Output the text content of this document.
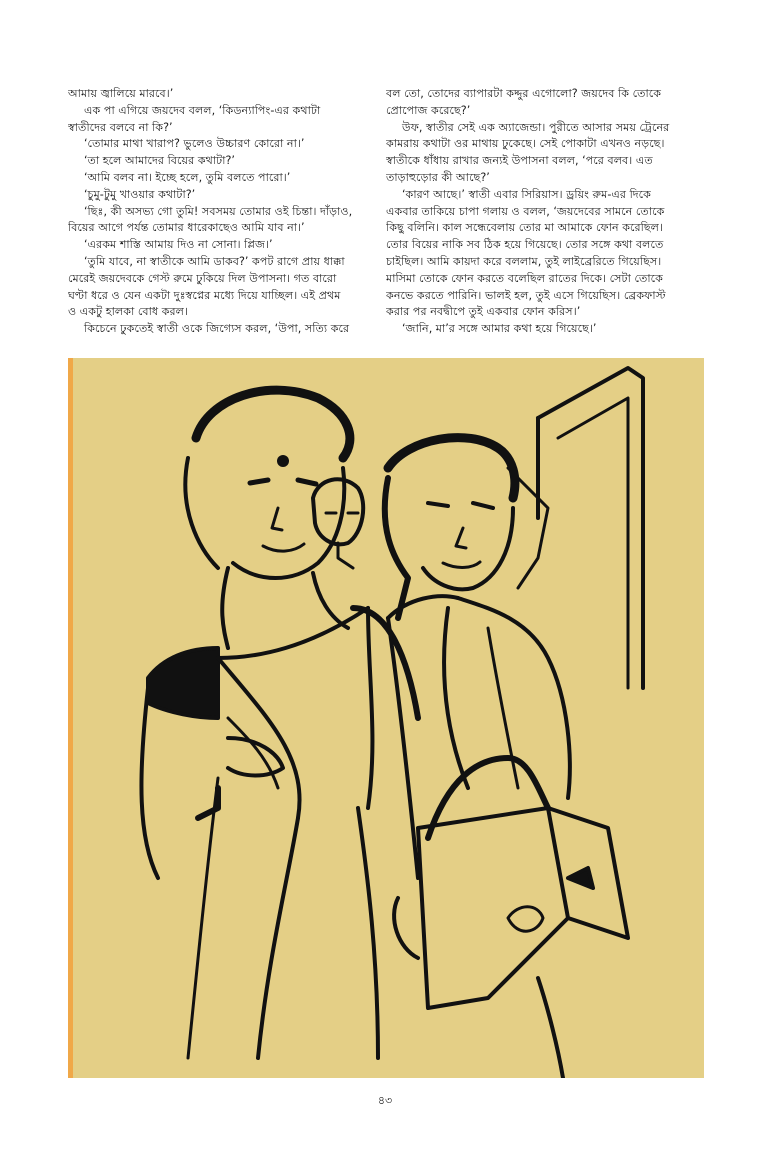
আমায় জ্বালিয়ে মারবে।’

এক পা এগিয়ে জয়দেব বলল, ‘কিডন্যাপিং-এর কথাটা

স্বাতীদের বলবে না কি?’

‘তোমার মাথা খারাপ? ভুলেও উচ্চারণ কোরো না।’

‘তা হলে আমাদের বিয়ের কথাটা?’

‘আমি বলব না। ইচ্ছে হলে, তুমি বলতে পারো।’

‘চুমু-টুমু খাওয়ার কথাটা?’

‘ছিঃ, কী অসভ্য গো তুমি! সবসময় তোমার ওই চিন্তা। দাঁড়াও,

বিয়ের আগে পর্যন্ত তোমার ধারেকাছেও আমি যাব না।’

‘এরকম শাস্তি আমায় দিও না সোনা। প্লিজ।’

‘তুমি যাবে, না স্বাতীকে আমি ডাকব?’ কপট রাগে প্রায় ধাক্কা

মেরেই জয়দেবকে গেস্ট রুমে ঢুকিয়ে দিল উপাসনা। গত বারো

ঘণ্টা ধরে ও যেন একটা দুঃস্বপ্নের মধ্যে দিয়ে যাচ্ছিল। এই প্রথম

ও একটু হালকা বোধ করল।

কিচেনে ঢুকতেই স্বাতী ওকে জিগ্যেস করল, ‘উপা, সত্যি করে

বল তো, তোদের ব্যাপারটা কদ্দুর এগোলো? জয়দেব কি তোকে

প্রোপোজ করেছে?’

উফ, স্বাতীর সেই এক অ্যাজেন্ডা। পুরীতে আসার সময় ট্রেনের

কামরায় কথাটা ওর মাথায় ঢুকেছে। সেই পোকাটা এখনও নড়ছে।

স্বাতীকে ধাঁধায় রাখার জন্যই উপাসনা বলল, ‘পরে বলব। এত

তাড়াহুড়োর কী আছে?’

‘কারণ আছে।’ স্বাতী এবার সিরিয়াস। ড্রয়িং রুম-এর দিকে

একবার তাকিয়ে চাপা গলায় ও বলল, ‘জয়দেবের সামনে তোকে

কিছু বলিনি। কাল সন্ধেবেলায় তোর মা আমাকে ফোন করেছিল।

তোর বিয়ের নাকি সব ঠিক হয়ে গিয়েছে। তোর সঙ্গে কথা বলতে

চাইছিল। আমি কায়দা করে বললাম, তুই লাইব্রেরিতে গিয়েছিস।

মাসিমা তোকে ফোন করতে বলেছিল রাতের দিকে। সেটা তোকে

কনভে করতে পারিনি। ভালই হল, তুই এসে গিয়েছিস। ব্রেকফাস্ট

করার পর নবদ্বীপে তুই একবার ফোন করিস।’

‘জানি, মা’র সঙ্গে আমার কথা হয়ে গিয়েছে।’

৪৩
